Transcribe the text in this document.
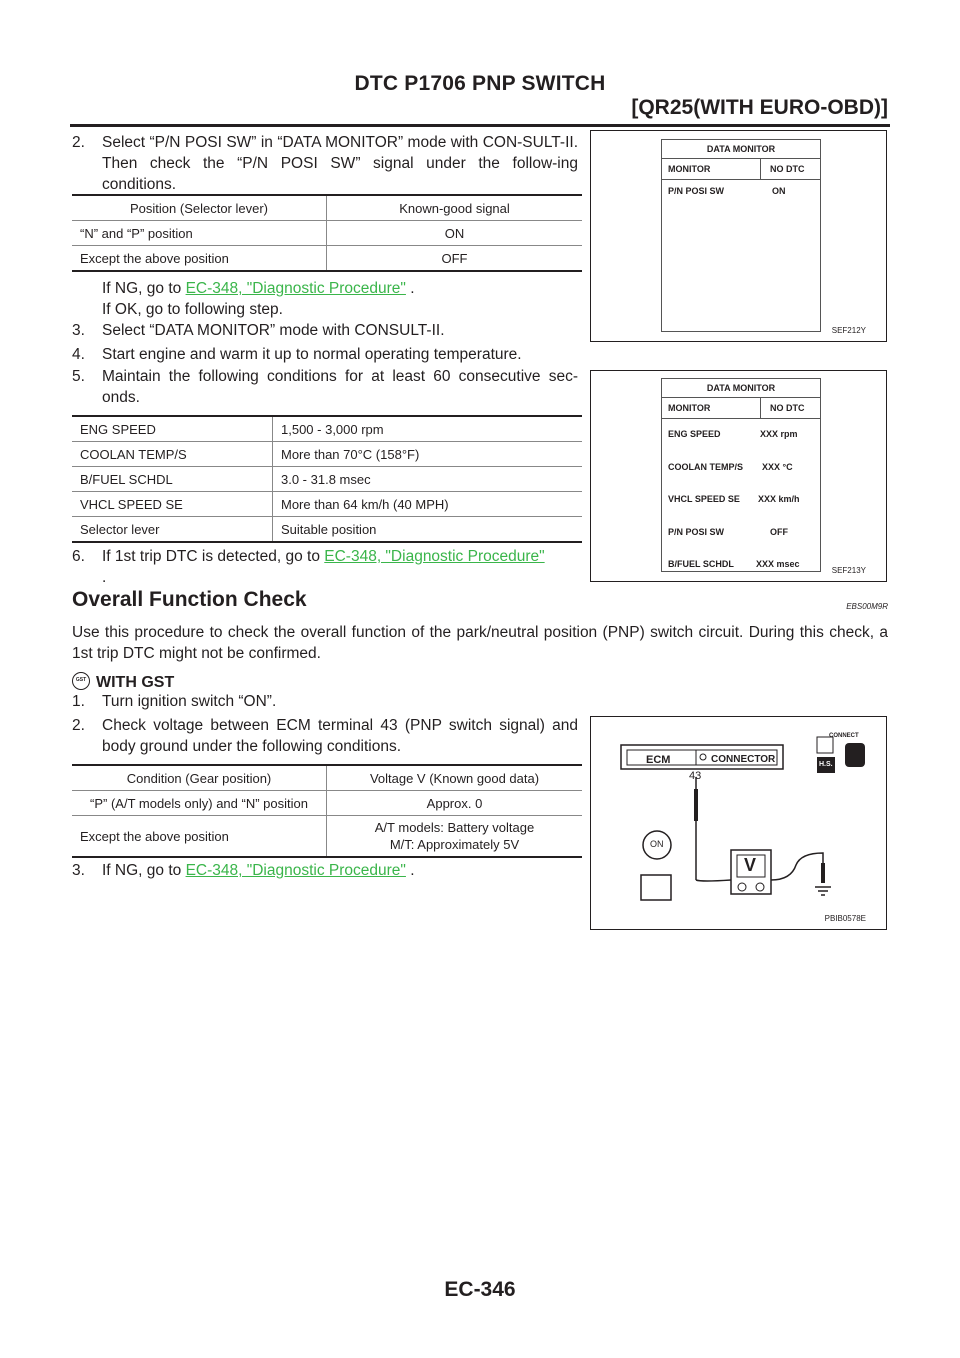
DTC P1706 PNP SWITCH
[QR25(WITH EURO-OBD)]
2. Select “P/N POSI SW” in “DATA MONITOR” mode with CON-SULT-II. Then check the “P/N POSI SW” signal under the follow-ing conditions.
Position (Selector lever)	Known-good signal
“N” and “P” position	ON
Except the above position	OFF
If NG, go to EC-348, "Diagnostic Procedure" .
If OK, go to following step.
3. Select “DATA MONITOR” mode with CONSULT-II.
4. Start engine and warm it up to normal operating temperature.
5. Maintain the following conditions for at least 60 consecutive sec-onds.
ENG SPEED	1,500 - 3,000 rpm
COOLAN TEMP/S	More than 70°C (158°F)
B/FUEL SCHDL	3.0 - 31.8 msec
VHCL SPEED SE	More than 64 km/h (40 MPH)
Selector lever	Suitable position
6. If 1st trip DTC is detected, go to EC-348, "Diagnostic Procedure"
.
DATA MONITOR
MONITOR	NO DTC
P/N POSI SW	ON
SEF212Y
DATA MONITOR
MONITOR	NO DTC
ENG SPEED	XXX rpm
COOLAN TEMP/S XXX °C
VHCL SPEED SE XXX km/h
P/N POSI SW	OFF
B/FUEL SCHDL XXX msec
SEF213Y
Overall Function Check	EBS00M9R
Use this procedure to check the overall function of the park/neutral position (PNP) switch circuit. During this check, a 1st trip DTC might not be confirmed.
GST WITH GST
1. Turn ignition switch “ON”.
2. Check voltage between ECM terminal 43 (PNP switch signal) and body ground under the following conditions.
Condition (Gear position)	Voltage V (Known good data)
“P” (A/T models only) and “N” position	Approx. 0
Except the above position	A/T models: Battery voltage
M/T: Approximately 5V
3. If NG, go to EC-348, "Diagnostic Procedure" .
ECM	CONNECTOR
43
CONNECT
H.S.
ON
V
PBIB0578E
EC-346
